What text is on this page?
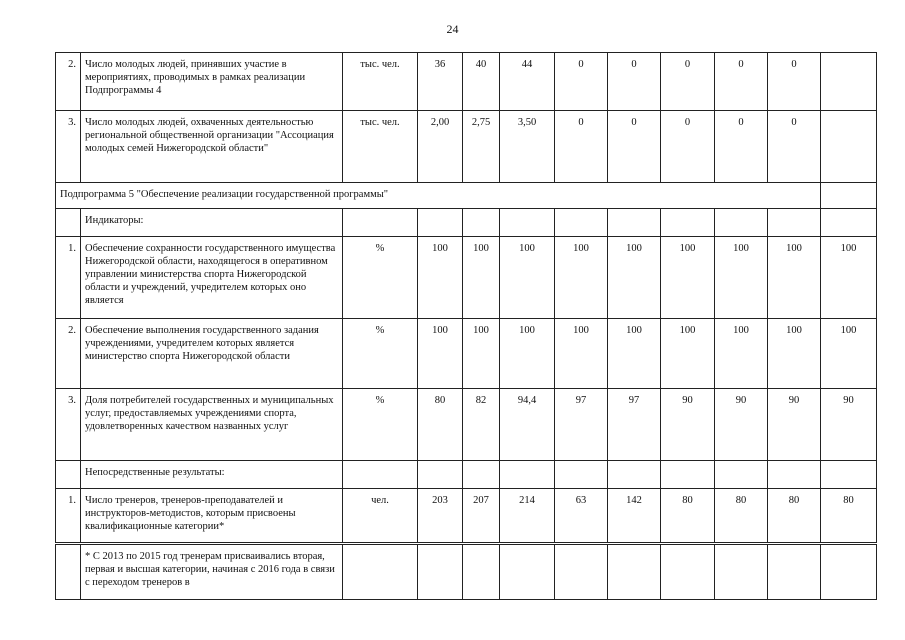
24
2.	Число молодых людей, принявших участие в мероприятиях, проводимых в рамках реализации Подпрограммы 4	тыс. чел.	36	40	44	0	0	0	0	0	
3.	Число молодых людей, охваченных деятельностью региональной общественной организации "Ассоциация молодых семей Нижегородской области"	тыс. чел.	2,00	2,75	3,50	0	0	0	0	0	
Подпрограмма 5 "Обеспечение реализации государственной программы"											
	Индикаторы:										
1.	Обеспечение сохранности государственного имущества Нижегородской области, находящегося в оперативном управлении министерства спорта Нижегородской области и учреждений, учредителем которых оно является	%	100	100	100	100	100	100	100	100	100
2.	Обеспечение выполнения государственного задания учреждениями, учредителем которых является министерство спорта Нижегородской области	%	100	100	100	100	100	100	100	100	100
3.	Доля потребителей государственных и муниципальных услуг, предоставляемых учреждениями спорта, удовлетворенных качеством названных услуг	%	80	82	94,4	97	97	90	90	90	90
	Непосредственные результаты:										
1.	Число тренеров, тренеров-преподавателей и инструкторов-методистов, которым присвоены квалификационные категории*	чел.	203	207	214	63	142	80	80	80	80
	* С 2013 по 2015 год тренерам присваивались вторая, первая и высшая категории, начиная с 2016 года в связи с переходом тренеров в										
